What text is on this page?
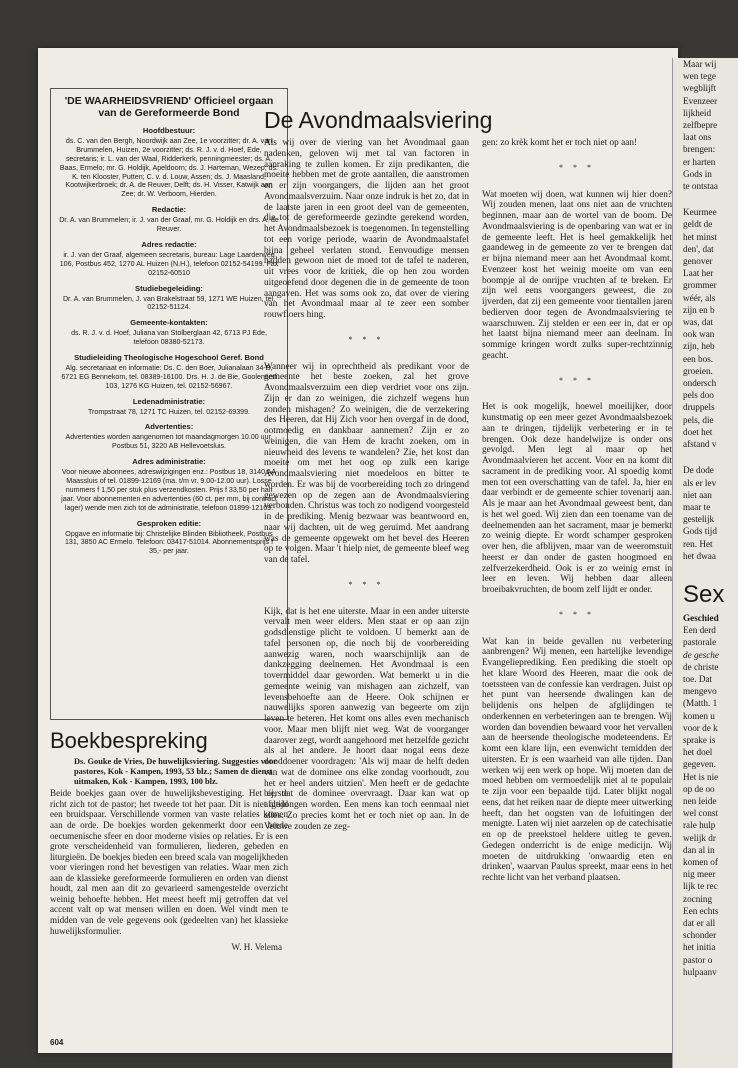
'DE WAARHEIDSVRIEND' Officieel orgaan van de Gereformeerde Bond
Hoofdbestuur:
ds. C. van den Bergh, Noordwijk aan Zee, 1e voorzitter; dr. A. van Brummelen, Huizen, 2e voorzitter; ds. R. J. v. d. Hoef, Ede, secretaris; ir. L. van der Waal, Ridderkerk, penningmeester; ds. A. Baas, Ermelo; mr. G. Holdijk, Apeldoorn; ds. J. Harteman, Wezep; ds. K. ten Klooster, Putten; C. v. d. Louw, Assen; ds. J. Maasland, Kootwijkerbroek; dr. A. de Reuver, Delft; ds. H. Visser, Katwijk aan Zee; dr. W. Verboom, Hierden.
Redactie:
Dr. A. van Brummelen; ir. J. van der Graaf, mr. G. Holdijk en drs. A. de Reuver.
Adres redactie:
ir. J. van der Graaf, algemeen secretaris, bureau: Lage Laarderweg 106, Postbus 452, 1270 AL Huizen (N.H.), telefoon 02152-54199. Fax 02152-60510
Studiebegeleiding:
Dr. A. van Brummelen, J. van Brakelstraat 59, 1271 WE Huizen, tel. 02152-51124.
Gemeente-kontakten:
ds. R. J. v. d. Hoef, Juliana van Stolberglaan 42, 6713 PJ Ede, telefoon 08380-52173.
Studieleiding Theologische Hogeschool Geref. Bond
Alg. secretariaat en informatie: Ds. C. den Boer, Julianalaan 34-B, 6721 EG Bennekom, tel. 08389-16100. Drs. H. J. de Bie, Goolenserf 103, 1276 KG Huizen, tel. 02152-56967.
Ledenadministratie:
Trompstraat 78, 1271 TC Huizen, tel. 02152-69399.
Advertenties:
Advertenties worden aangenomen tot maandagmorgen 10.00 uur, Postbus 51, 3220 AB Hellevoetsluis.
Adres administratie:
Voor nieuwe abonnees, adreswijzigingen enz.: Postbus 18, 3140 AA Maassluis of tel. 01899-12169 (ma. t/m vr. 9.00-12.00 uur). Losse nummers f 1,50 per stuk plus verzendkosten. Prijs f 33,50 per half jaar. Voor abonnementen en advertenties (60 ct. per mm, bij contract lager) wende men zich tot de administratie, telefoon 01899-12169.
Gesproken editie:
Opgave en informatie bij: Christelijke Blinden Bibliotheek, Postbus 131, 3850 AC Ermelo. Telefoon: 03417-51014. Abonnementsprijs f 35,- per jaar.
Boekbespreking
Ds. Gouke de Vries, De huwelijksviering. Suggesties voor pastores, Kok - Kampen, 1993, 53 blz.; Samen de dienst uitmaken, Kok - Kampen, 1993, 100 blz.
Beide boekjes gaan over de huwelijksbevestiging. Het eerste richt zich tot de pastor; het tweede tot het paar. Dit is niet altijd een bruidspaar. Verschillende vormen van vaste relaties komen aan de orde. De boekjes worden gekenmerkt door een brede oecumenische sfeer en door moderne visies op relaties. Er is een grote verscheidenheid van formulieren, liederen, gebeden en liturgieën. De boekjes bieden een breed scala van mogelijkheden voor vieringen rond het bevestigen van relaties. Waar men zich aan de klassieke gereformeerde formulieren en orden van dienst houdt, zal men aan dit zo gevarieerd samengestelde overzicht weinig behoefte hebben. Het meest heeft mij getroffen dat vel accent valt op wat mensen willen en doen. Wel vindt men te midden van de vele gegevens ook (gedeelten van) het klassieke huwelijksformulier.
W. H. Velema
604
De Avondmaalsviering

Als wij over de viering van het Avondmaal gaan nadenken, geloven wij met tal van factoren in aanraking te zullen komen. Er zijn predikanten, die moeite hebben met de grote aantallen, die aanstromen en er zijn voorgangers, die lijden aan het groot Avondmaalsverzuim. Naar onze indruk is het zo, dat in de laatste jaren in een groot deel van de gemeenten, die tot de gereformeerde gezindte gerekend worden, het Avondmaalsbezoek is toegenomen. In tegenstelling tot een vorige periode, waarin de Avondmaalstafel bijna geheel verlaten stond. Eenvoudige mensen hadden gewoon niet de moed tot de tafel te naderen, uit vrees voor de kritiek, die op hen zou worden uitgeoefend door degenen die in de gemeente de toon aangaven. Het was soms ook zo, dat over de viering van het Avondmaal maar al te zeer een somber rouwfloers hing.

* * *

Wanneer wij in oprechtheid als predikant voor de gemeente het beste zoeken, zal het grove Avondmaalsverzuim een diep verdriet voor ons zijn. Zijn er dan zo weinigen, die zichzelf wegens hun zonden mishagen? Zo weinigen, die de verzekering des Heeren, dat Hij Zich voor hen overgaf in de dood, ootmoedig en dankbaar aannemen? Zijn er zo weinigen, die van Hem de kracht zoeken, om in nieuwheid des levens te wandelen? Zie, het kost dan moeite om met het oog op zulk een karige Avondmaalsviering niet moedeloos en bitter te worden. Er was bij de voorbereiding toch zo dringend gewezen op de zegen aan de Avondmaalsviering verbonden. Christus was toch zo nodigend voorgesteld in de prediking. Menig bezwaar was beantwoord en, naar wij dachten, uit de weg geruimd. Met aandrang was de gemeente opgewekt om het bevel des Heeren op te volgen. Maar 't hielp niet, de gemeente bleef weg van de tafel.

* * *

Kijk, dat is het ene uiterste. Maar in een ander uiterste vervalt men weer elders. Men staat er op aan zijn godsdienstige plicht te voldoen. U bemerkt aan de tafel personen op, die noch bij de voorbereiding aanwezig waren, noch waarschijnlijk aan de dankzegging deelnemen. Het Avondmaal is een tovermiddel daar geworden. Wat bemerkt u in die gemeente weinig van mishagen aan zichzelf, van levensbehoefte aan de Heere. Ook schijnen er nauwelijks sporen aanwezig van begeerte om zijn leven te beteren. Het komt ons alles even mechanisch voor. Maar men blijft niet weg. Wat de voorganger daarover zegt, wordt aangehoord met hetzelfde gezicht als al het andere. Je hoort daar nogal eens deze dooddoener voordragen: 'Als wij maar de helft deden van wat de dominee ons elke zondag voorhoudt, zou het er heel anders uitzien'. Men heeft er de gedachte bij, dat de dominee overvraagt. Daar kan wat op afgedongen worden. Een mens kan toch eenmaal niet alles. Zo precies komt het er toch niet op aan. In de Veluwe zouden ze zeg-

gen: zo krèk komt het er toch niet op aan!

* * *

Wat moeten wij doen, wat kunnen wij hier doen? Wij zouden menen, laat ons niet aan de vruchten beginnen, maar aan de wortel van de boom. De Avondmaalsviering is de openbaring van wat er in de gemeente leeft. Het is heel gemakkelijk het gaandeweg in de gemeente zo ver te brengen dat er bijna niemand meer aan het Avondmaal komt. Evenzeer kost het weinig moeite om van een boompje al de onrijpe vruchten af te breken. Er zijn wel eens voorgangers geweest, die zo ijverden, dat zij een gemeente voor tientallen jaren bedierven door tegen de Avondmaalsviering te waarschuwen. Zij stelden er een eer in, dat er op het laatst bijna niemand meer aan deelnam. In sommige kringen wordt zulks super-rechtzinnig geacht.

* * *

Het is ook mogelijk, hoewel moeilijker, door kunstmatig op een meer gezet Avondmaalsbezoek aan te dringen, tijdelijk verbetering er in te brengen. Ook deze handelwijze is onder ons gevolgd. Men legt al maar op het Avondmaalvieren het accent. Voor en na komt dit sacrament in de prediking voor. Al spoedig komt men tot een overschatting van de tafel. Ja, hier en daar verbindt er de gemeente schier tovenarij aan. Als je maar aan het Avondmaal geweest bent, dan is het wel goed. Wij zien dan een toename van de deelnemenden aan het sacrament, maar je bemerkt zo weinig diepte. Er wordt schamper gesproken over hen, die afblijven, maar van de weeromstuit heerst er dan onder de gasten hoogmoed en zelfverzekerdheid. Ook is er zo weinig ernst in leer en leven. Wij hebben daar alleen broeibakvruchten, de boom zelf lijdt er onder.

* * *

Wat kan in beide gevallen nu verbetering aanbrengen? Wij menen, een hartelijke levendige Evangelieprediking. Een prediking die stoelt op het klare Woord des Heeren, maar die ook de toetssteen van de confessie kan verdragen. Juist op het punt van heersende dwalingen kan de belijdenis ons helpen de afglijdingen te onderkennen en verbeteringen aan te brengen. Wij worden dan bovendien bewaard voor het vervallen aan de heersende theologische modeteendens. Er komt een klare lijn, een evenwicht temidden der uitersten. Er is een waarheid van alle tijden. Dan werken wij een werk op hope. Wij moeten dan de moed hebben om vermoedelijk niet al te populair te zijn voor een bepaalde tijd. Later blijkt nogal eens, dat het reiken naar de diepte meer uitwerking heeft, dan het oogsten van de lofuitingen der menigte. Laten wij niet aarzelen op de catechisatie en op de preekstoel heldere uitleg te geven. Gedegen onderricht is de enige medicijn. Wij moeten de uitdrukking 'onwaardig eten en drinken', waarvan Paulus spreekt, maar eens in het rechte licht van het verband plaatsen.

Maar wij
wen tege
wegblijft
Evenzeer
lijkheid
zelfbepre
laat ons
brengen:
er harten
Gods in
te ontstaa
Keurmee
geldt de
het minst
den', dat
genover
Laat her
grommer
wéér, als
zijn en b
was, dat
ook wan
zijn, heb
een bos.
groeien.
ondersch
pels doo
druppels
pels, die
doet het
afstand v
De dode
als er lev
niet aan
maar te
gestelijk
Gods tijd
ren. Het
het dwaa
Sex
Geschied
Een derd
pastorale
de gesche
de christe
toe. Dat
mengevo
(Matth. 1
komen u
voor de k
sprake is
het doel
gegeven.
Het is nie
op de oo
nen leide
wel const
rale hulp
welijk dr
dan al in
komen of
nig meer
lijk te rec
zocning
Een echts
dat er all
schonder
het initia
pastor o
hulpaanv
